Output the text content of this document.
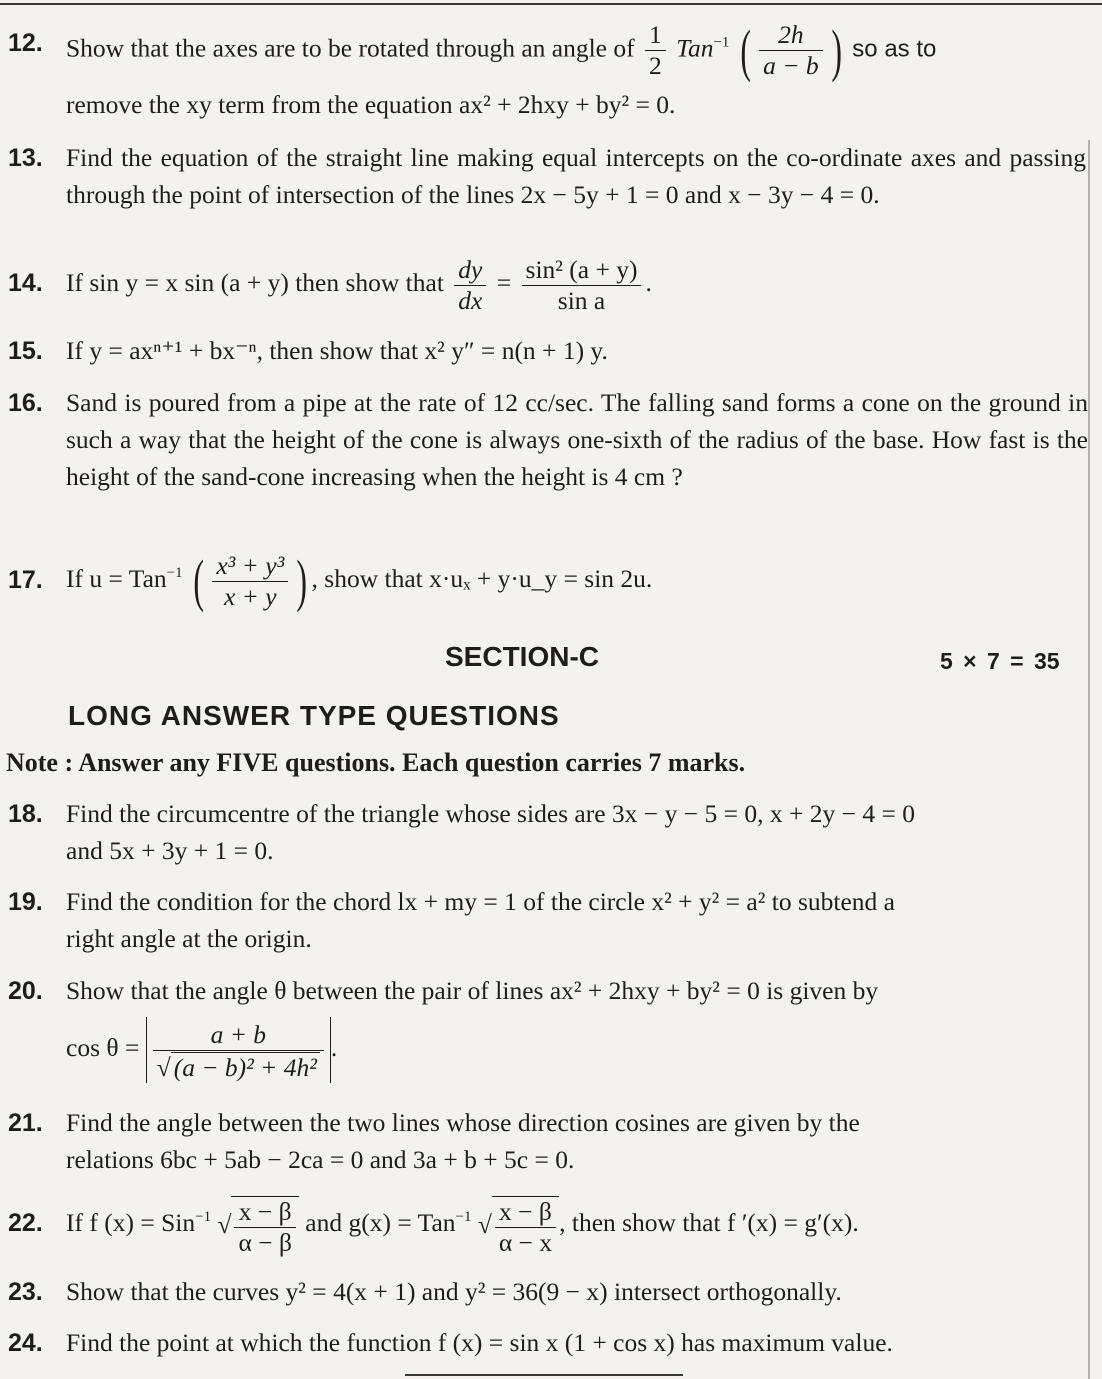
12. Show that the axes are to be rotated through an angle of $\frac{1}{2} Tan^{-1}$ ( $\frac{2h}{a - b}$ ) so as to
remove the xy term from the equation ax² + 2hxy + by² = 0.
13. Find the equation of the straight line making equal intercepts on the co-ordinate axes and passing through the point of intersection of the lines 2x − 5y + 1 = 0 and x − 3y − 4 = 0.
14. If sin y = x sin (a + y) then show that $\frac{dy}{dx} = \frac{\text{sin² (a + y)}}{\text{sin a}}$ .
15. If y = axⁿ⁺¹ + bx⁻ⁿ, then show that x² y″ = n(n + 1) y.
16. Sand is poured from a pipe at the rate of 12 cc/sec. The falling sand forms a cone on the ground in such a way that the height of the cone is always one-sixth of the radius of the base. How fast is the height of the sand-cone increasing when the height is 4 cm ?
17. If u = Tan$^{-1}$ ( $\frac{\text{x³ + y³}}{x + y}$ ) , show that x·uₓ + y·u_y = sin 2u.
SECTION-C	5 × 7 = 35
LONG ANSWER TYPE QUESTIONS
Note : Answer any FIVE questions. Each question carries 7 marks.
18. Find the circumcentre of the triangle whose sides are 3x − y − 5 = 0, x + 2y − 4 = 0
and 5x + 3y + 1 = 0.
19. Find the condition for the chord lx + my = 1 of the circle x² + y² = a² to subtend a
right angle at the origin.
20. Show that the angle θ between the pair of lines ax² + 2hxy + by² = 0 is given by
$\cos \theta = \frac{a + b}{\text{√ (a − b)² + 4h²}}$ .
21. Find the angle between the two lines whose direction cosines are given by the
relations 6bc + 5ab − 2ca = 0 and 3a + b + 5c = 0.
22. If f (x) = Sin$^{-1}$ √ $\frac{x - \beta}{\alpha - \beta}$ and g(x) = Tan$^{-1}$ √ $\frac{x - \beta}{\alpha - x}$ , then show that f ′(x) = g′(x).
23. Show that the curves y² = 4(x + 1) and y² = 36(9 − x) intersect orthogonally.
24. Find the point at which the function f (x) = sin x (1 + cos x) has maximum value.
